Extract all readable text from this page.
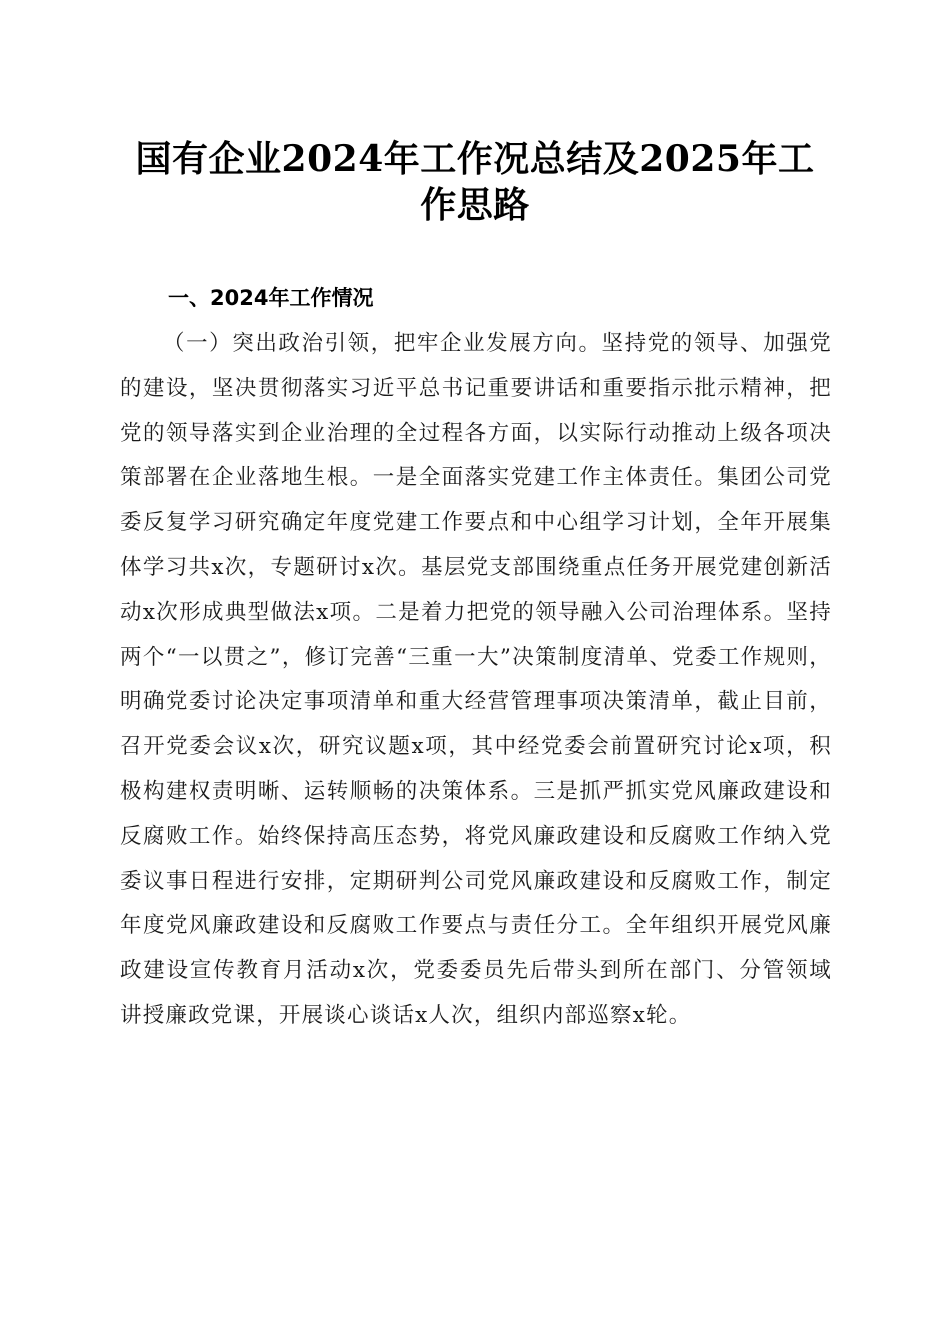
国有企业2024年工作况总结及2025年工作思路
一、2024年工作情况

（一）突出政治引领，把牢企业发展方向。坚持党的领导、加强党的建设，坚决贯彻落实习近平总书记重要讲话和重要指示批示精神，把党的领导落实到企业治理的全过程各方面，以实际行动推动上级各项决策部署在企业落地生根。一是全面落实党建工作主体责任。集团公司党委反复学习研究确定年度党建工作要点和中心组学习计划，全年开展集体学习共x次，专题研讨x次。基层党支部围绕重点任务开展党建创新活动x次形成典型做法x项。二是着力把党的领导融入公司治理体系。坚持两个“一以贯之”，修订完善“三重一大”决策制度清单、党委工作规则，明确党委讨论决定事项清单和重大经营管理事项决策清单，截止目前，召开党委会议x次，研究议题x项，其中经党委会前置研究讨论x项，积极构建权责明晰、运转顺畅的决策体系。三是抓严抓实党风廉政建设和反腐败工作。始终保持高压态势，将党风廉政建设和反腐败工作纳入党委议事日程进行安排，定期研判公司党风廉政建设和反腐败工作，制定年度党风廉政建设和反腐败工作要点与责任分工。全年组织开展党风廉政建设宣传教育月活动x次，党委委员先后带头到所在部门、分管领域讲授廉政党课，开展谈心谈话x人次，组织内部巡察x轮。
